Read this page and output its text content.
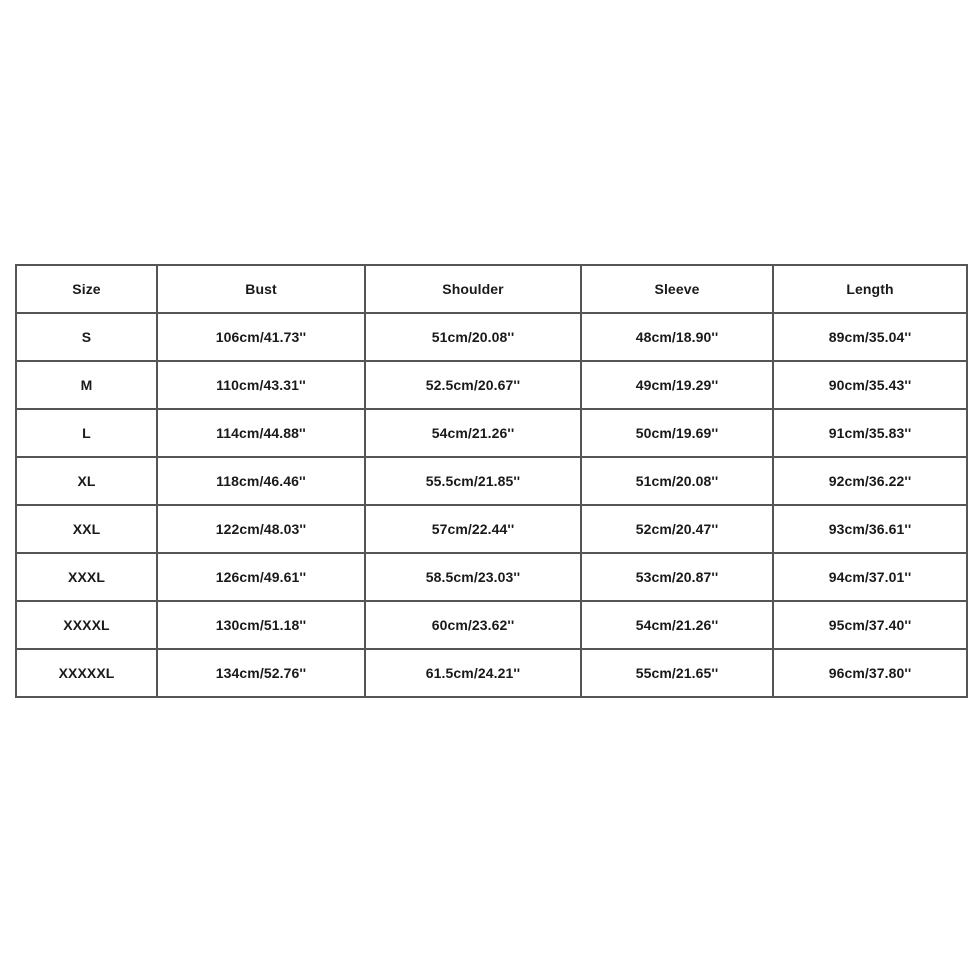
Size	Bust	Shoulder	Sleeve	Length
S	106cm/41.73''	51cm/20.08''	48cm/18.90''	89cm/35.04''
M	110cm/43.31''	52.5cm/20.67''	49cm/19.29''	90cm/35.43''
L	114cm/44.88''	54cm/21.26''	50cm/19.69''	91cm/35.83''
XL	118cm/46.46''	55.5cm/21.85''	51cm/20.08''	92cm/36.22''
XXL	122cm/48.03''	57cm/22.44''	52cm/20.47''	93cm/36.61''
XXXL	126cm/49.61''	58.5cm/23.03''	53cm/20.87''	94cm/37.01''
XXXXL	130cm/51.18''	60cm/23.62''	54cm/21.26''	95cm/37.40''
XXXXXL	134cm/52.76''	61.5cm/24.21''	55cm/21.65''	96cm/37.80''
